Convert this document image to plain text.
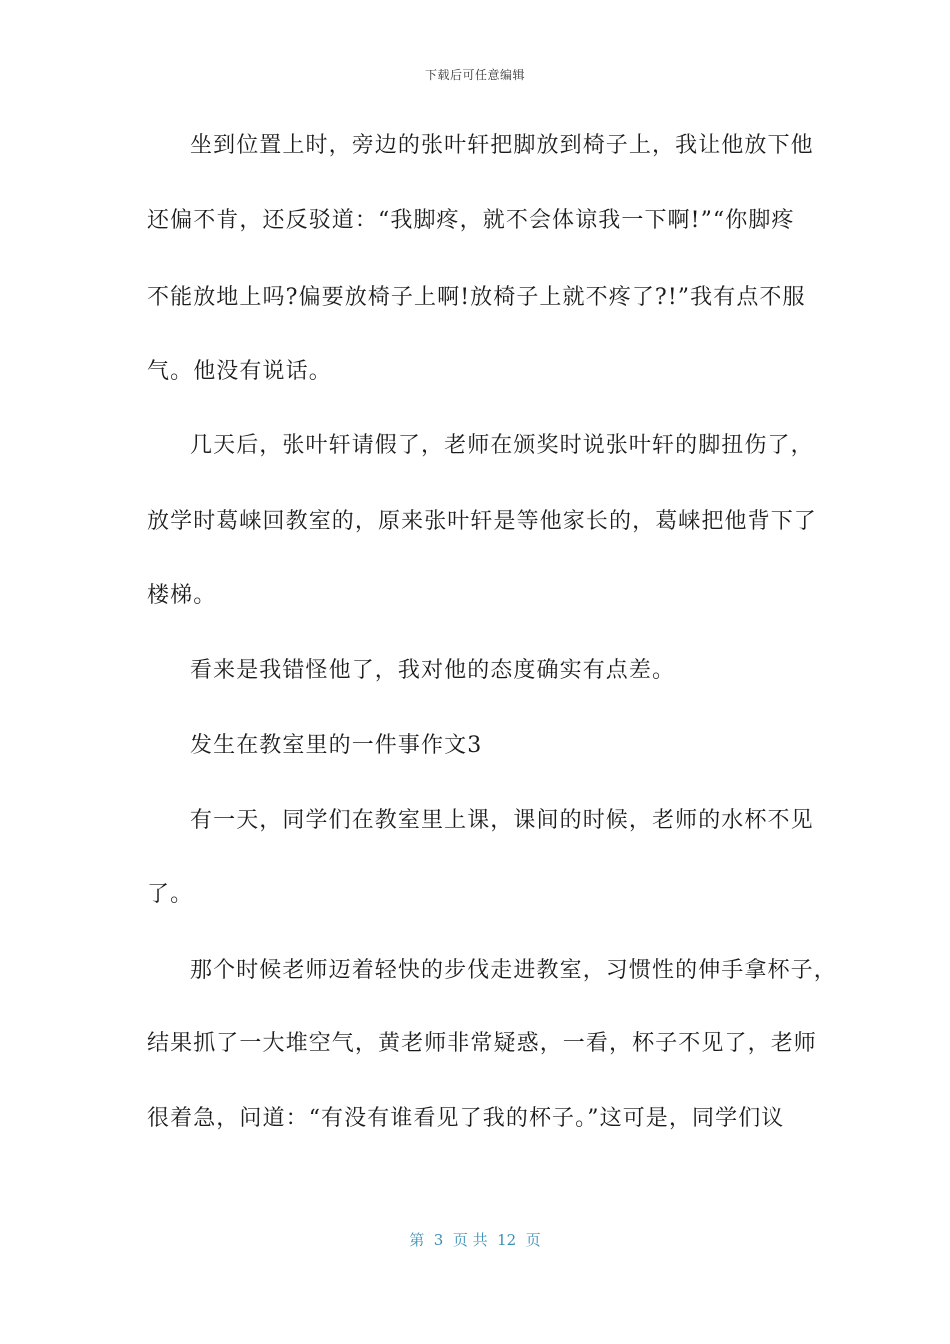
下载后可任意编辑
坐到位置上时，旁边的张叶轩把脚放到椅子上，我让他放下他
还偏不肯，还反驳道：“我脚疼，就不会体谅我一下啊!”“你脚疼
不能放地上吗?偏要放椅子上啊!放椅子上就不疼了?!”我有点不服
气。他没有说话。
几天后，张叶轩请假了，老师在颁奖时说张叶轩的脚扭伤了，
放学时葛崃回教室的，原来张叶轩是等他家长的，葛崃把他背下了
楼梯。
看来是我错怪他了，我对他的态度确实有点差。
发生在教室里的一件事作文3
有一天，同学们在教室里上课，课间的时候，老师的水杯不见
了。
那个时候老师迈着轻快的步伐走进教室，习惯性的伸手拿杯子，
结果抓了一大堆空气，黄老师非常疑惑，一看，杯子不见了，老师
很着急，问道：“有没有谁看见了我的杯子。”这可是，同学们议
第  3  页 共  12  页
